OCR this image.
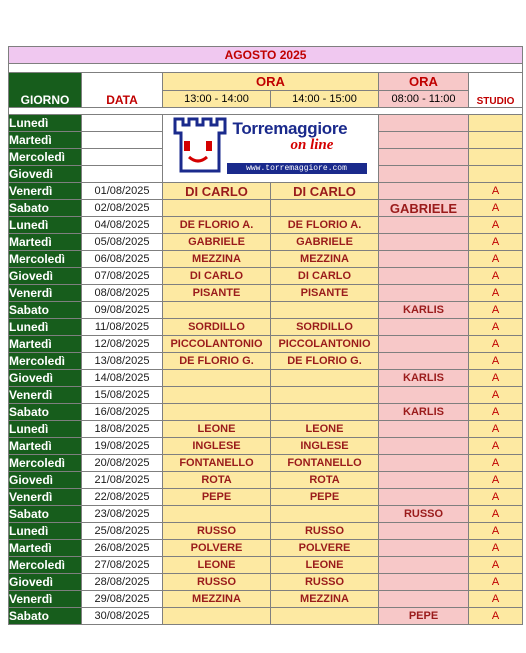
AGOSTO 2025					

GIORNO	DATA	ORA		ORA	STUDIO
		13:00 - 14:00	14:00 - 15:00	08:00 - 11:00	

Lunedì		Torremaggiore
on line
www.torremaggiore.com			

Martedì					
Mercoledì					
Giovedì					
Venerdì	01/08/2025	DI CARLO	DI CARLO		A
Sabato	02/08/2025			GABRIELE	A
Lunedì	04/08/2025	DE FLORIO A.	DE FLORIO A.		A
Martedì	05/08/2025	GABRIELE	GABRIELE		A
Mercoledì	06/08/2025	MEZZINA	MEZZINA		A
Giovedì	07/08/2025	DI CARLO	DI CARLO		A
Venerdì	08/08/2025	PISANTE	PISANTE		A
Sabato	09/08/2025			KARLIS	A
Lunedì	11/08/2025	SORDILLO	SORDILLO		A
Martedì	12/08/2025	PICCOLANTONIO	PICCOLANTONIO		A
Mercoledì	13/08/2025	DE FLORIO G.	DE FLORIO G.		A
Giovedì	14/08/2025			KARLIS	A
Venerdì	15/08/2025				A
Sabato	16/08/2025			KARLIS	A
Lunedì	18/08/2025	LEONE	LEONE		A
Martedì	19/08/2025	INGLESE	INGLESE		A
Mercoledì	20/08/2025	FONTANELLO	FONTANELLO		A
Giovedì	21/08/2025	ROTA	ROTA		A
Venerdì	22/08/2025	PEPE	PEPE		A
Sabato	23/08/2025			RUSSO	A
Lunedì	25/08/2025	RUSSO	RUSSO		A
Martedì	26/08/2025	POLVERE	POLVERE		A
Mercoledì	27/08/2025	LEONE	LEONE		A
Giovedì	28/08/2025	RUSSO	RUSSO		A
Venerdì	29/08/2025	MEZZINA	MEZZINA		A
Sabato	30/08/2025			PEPE	A
